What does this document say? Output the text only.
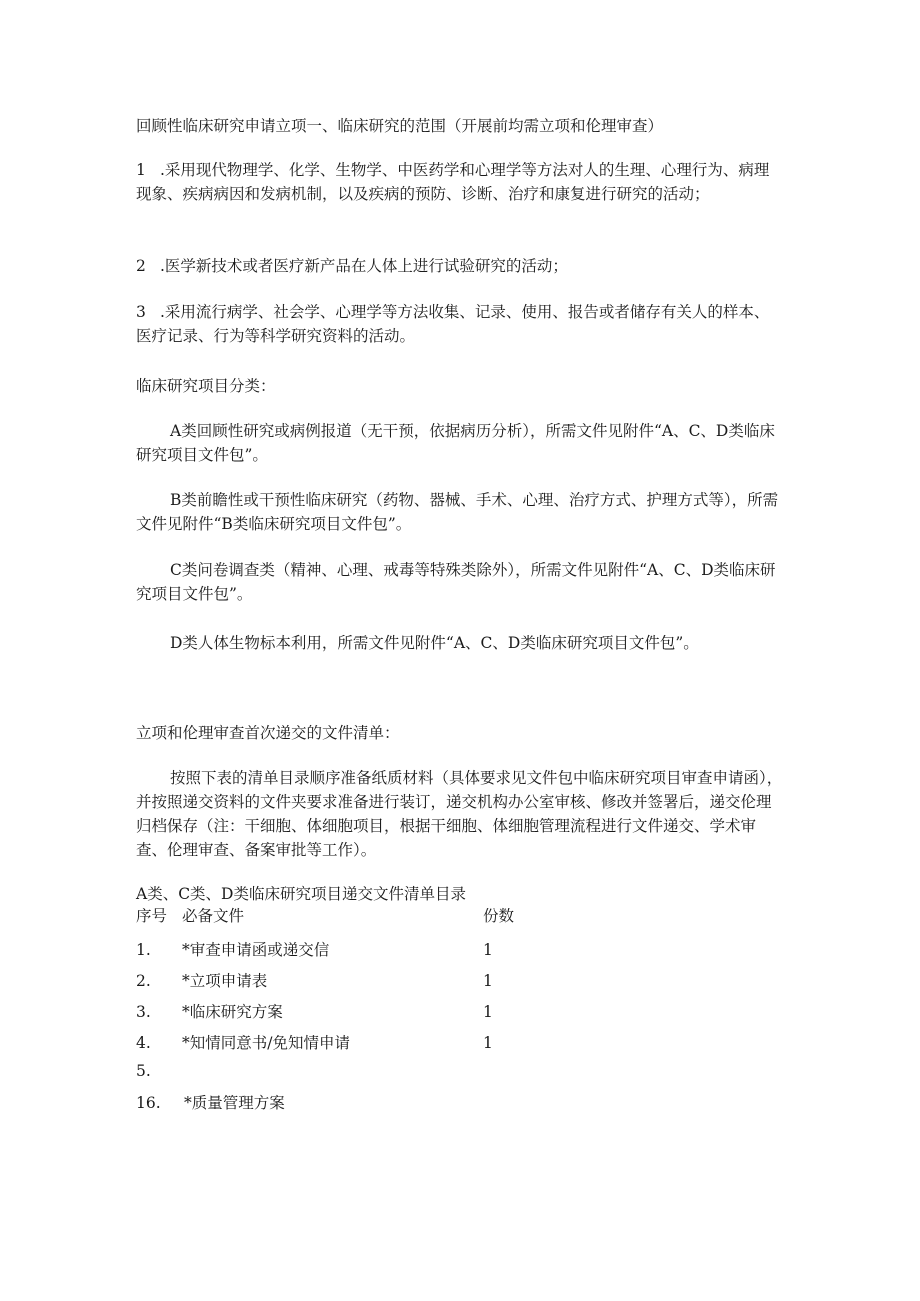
回顾性临床研究申请立项一、临床研究的范围（开展前均需立项和伦理审查）

1 .采用现代物理学、化学、生物学、中医药学和心理学等方法对人的生理、心理行为、病理现象、疾病病因和发病机制，以及疾病的预防、诊断、治疗和康复进行研究的活动；

2 .医学新技术或者医疗新产品在人体上进行试验研究的活动；

3 .采用流行病学、社会学、心理学等方法收集、记录、使用、报告或者储存有关人的样本、医疗记录、行为等科学研究资料的活动。

临床研究项目分类：

A类回顾性研究或病例报道（无干预，依据病历分析），所需文件见附件“A、C、D类临床研究项目文件包”。

B类前瞻性或干预性临床研究（药物、器械、手术、心理、治疗方式、护理方式等），所需文件见附件“B类临床研究项目文件包”。

C类问卷调查类（精神、心理、戒毒等特殊类除外），所需文件见附件“A、C、D类临床研究项目文件包”。

D类人体生物标本利用，所需文件见附件“A、C、D类临床研究项目文件包”。

立项和伦理审查首次递交的文件清单：

按照下表的清单目录顺序准备纸质材料（具体要求见文件包中临床研究项目审查申请函），并按照递交资料的文件夹要求准备进行装订，递交机构办公室审核、修改并签署后，递交伦理归档保存（注：干细胞、体细胞项目，根据干细胞、体细胞管理流程进行文件递交、学术审查、伦理审查、备案审批等工作）。

A类、C类、D类临床研究项目递交文件清单目录

序号 必备文件	份数
1. *审查申请函或递交信	1
2. *立项申请表	1
3. *临床研究方案	1
4. *知情同意书/免知情申请	1
5.
16. *质量管理方案
